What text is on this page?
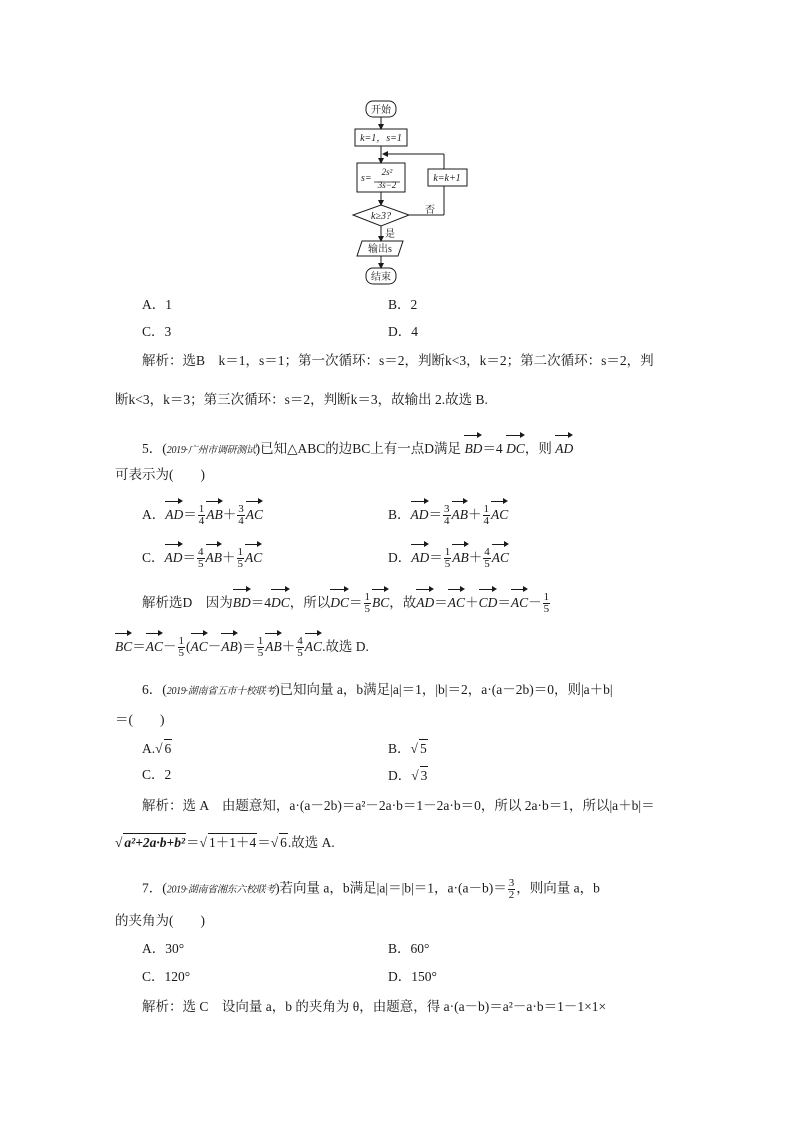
开始
k=1，s=1
s=
2s²
3s−2
k≥3?
k=k+1
否
是
输出s
结束
A．1	B．2
C．3	D．4
解析：选B　k＝1，s＝1；第一次循环：s＝2，判断k<3，k＝2；第二次循环：s＝2，判
断k<3，k＝3；第三次循环：s＝2，判断k＝3，故输出 2.故选 B.
5．(2019·广州市调研测试)已知△ABC的边BC上有一点D满足 BD＝4 DC，则 AD
可表示为(　　)
A．$AD= \frac{1}{4} AB+ \frac{3}{4}$ AC	B．$AD= \frac{3}{4} AB+ \frac{1}{4}$ AC
C．$AD= \frac{4}{5} AB+ \frac{1}{5}$ AC	D．$AD= \frac{1}{5} AB+ \frac{4}{5}$ AC
解析选D　因为BD＝4DC，所以$DC= \frac{1}{5}$ BC，故$AD=AC+CD=AC- \frac{1}{5}$
$BC=AC- \frac{1}{5} (AC-AB)= \frac{1}{5} AB+ \frac{4}{5}$ AC.故选 D.
6．(2019·湖南省五市十校联考)已知向量 a，b满足|a|＝1，|b|＝2，a·(a－2b)＝0，则|a＋b|
＝(　　)
A.√ 6	B．√ 5
C．2	D．√ 3
解析：选 A　由题意知，a·(a－2b)＝a²－2a·b＝1－2a·b＝0，所以 2a·b＝1，所以|a＋b|＝
√ a²+2a·b+b²＝√ 1＋1＋4＝√ 6.故选 A.
7．(2019·湖南省湘东六校联考)若向量 a，b满足|a|＝|b|＝1，$a\cdot(a-b)= \frac{3}{2}$ ，则向量 a，b
的夹角为(　　)
A．30°	B．60°
C．120°	D．150°
解析：选 C　设向量 a，b 的夹角为 θ，由题意，得 a·(a－b)＝a²－a·b＝1－1×1×
